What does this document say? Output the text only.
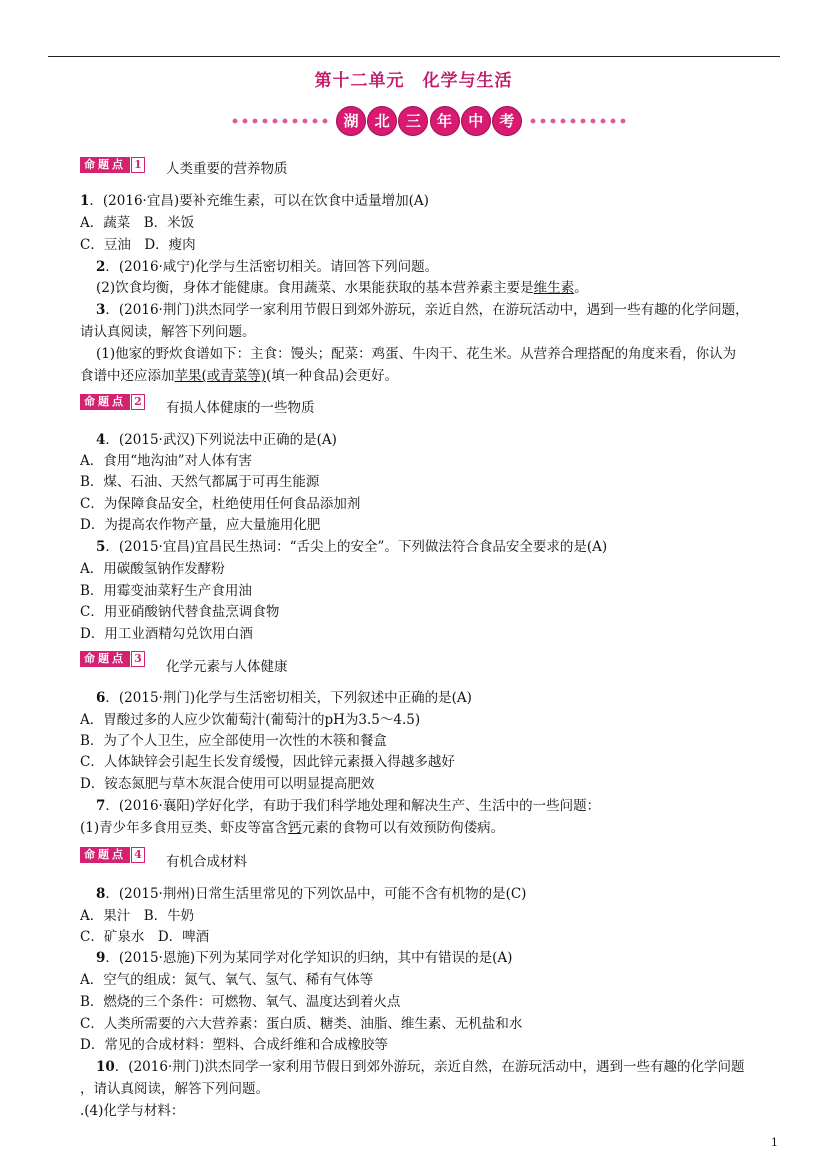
第十二单元　化学与生活
湖	北	三	年	中	考
命题点 1 人类重要的营养物质
1．(2016·宜昌)要补充维生素，可以在饮食中适量增加(A)
A．蔬菜　B．米饭
C．豆油　D．瘦肉
2．(2016·咸宁)化学与生活密切相关。请回答下列问题。
(2)饮食均衡，身体才能健康。食用蔬菜、水果能获取的基本营养素主要是维生素。
3．(2016·荆门)洪杰同学一家利用节假日到郊外游玩，亲近自然，在游玩活动中，遇到一些有趣的化学问题，
请认真阅读，解答下列问题。
(1)他家的野炊食谱如下：主食：馒头；配菜：鸡蛋、牛肉干、花生米。从营养合理搭配的角度来看，你认为
食谱中还应添加苹果(或青菜等)(填一种食品)会更好。
命题点 2 有损人体健康的一些物质
4．(2015·武汉)下列说法中正确的是(A)
A．食用“地沟油”对人体有害
B．煤、石油、天然气都属于可再生能源
C．为保障食品安全，杜绝使用任何食品添加剂
D．为提高农作物产量，应大量施用化肥
5．(2015·宜昌)宜昌民生热词：“舌尖上的安全”。下列做法符合食品安全要求的是(A)
A．用碳酸氢钠作发酵粉
B．用霉变油菜籽生产食用油
C．用亚硝酸钠代替食盐烹调食物
D．用工业酒精勾兑饮用白酒
命题点 3
化学元素与人体健康
6．(2015·荆门)化学与生活密切相关，下列叙述中正确的是(A)
A．胃酸过多的人应少饮葡萄汁(葡萄汁的pH为3.5～4.5)
B．为了个人卫生，应全部使用一次性的木筷和餐盒
C．人体缺锌会引起生长发育缓慢，因此锌元素摄入得越多越好
D．铵态氮肥与草木灰混合使用可以明显提高肥效
7．(2016·襄阳)学好化学，有助于我们科学地处理和解决生产、生活中的一些问题：
(1)青少年多食用豆类、虾皮等富含钙元素的食物可以有效预防佝偻病。
命题点 4 有机合成材料
8．(2015·荆州)日常生活里常见的下列饮品中，可能不含有机物的是(C)
A．果汁　B．牛奶
C．矿泉水　D．啤酒
9．(2015·恩施)下列为某同学对化学知识的归纳，其中有错误的是(A)
A．空气的组成：氮气、氧气、氢气、稀有气体等
B．燃烧的三个条件：可燃物、氧气、温度达到着火点
C．人类所需要的六大营养素：蛋白质、糖类、油脂、维生素、无机盐和水
D．常见的合成材料：塑料、合成纤维和合成橡胶等
10．(2016·荆门)洪杰同学一家利用节假日到郊外游玩，亲近自然，在游玩活动中，遇到一些有趣的化学问题
，请认真阅读，解答下列问题。
.(4)化学与材料：
1
